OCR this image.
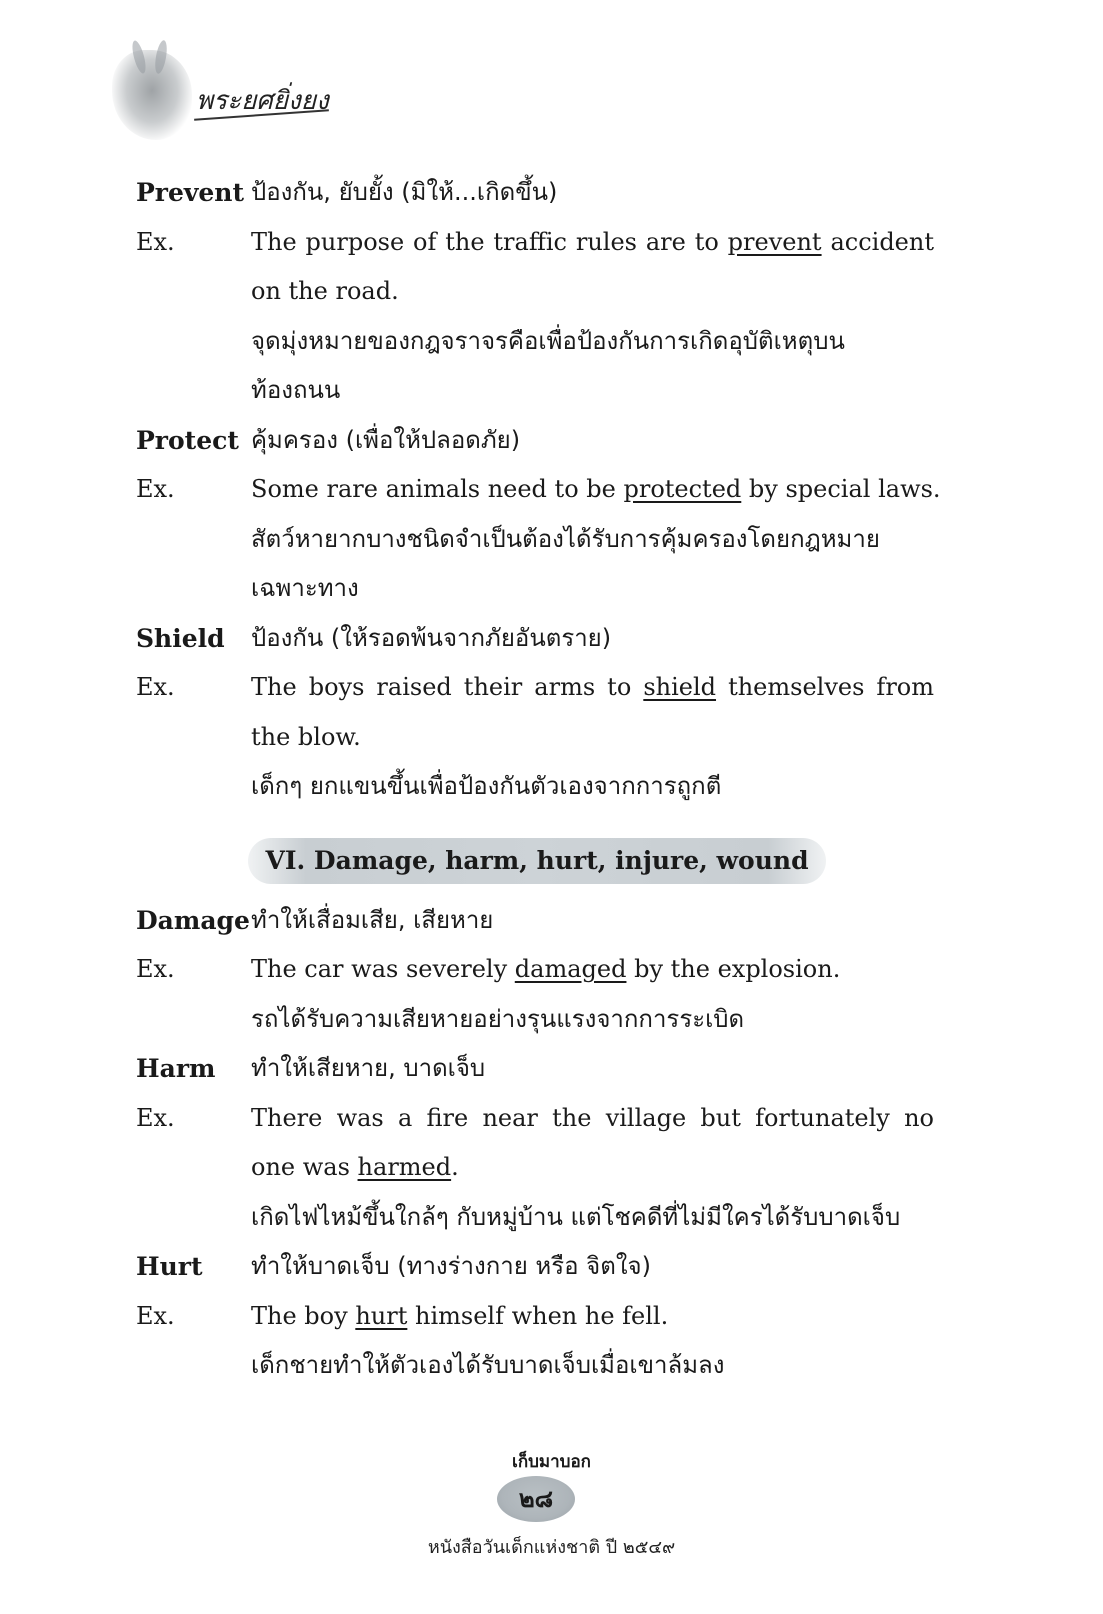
พระยศยิ่งยง
Prevent ป้องกัน, ยับยั้ง (มิให้...เกิดขึ้น)
Ex.	The purpose of the traffic rules are to prevent accident
on the road.
จุดมุ่งหมายของกฎจราจรคือเพื่อป้องกันการเกิดอุบัติเหตุบน
ท้องถนน
Protect คุ้มครอง (เพื่อให้ปลอดภัย)
Ex.	Some rare animals need to be protected by special laws.
สัตว์หายากบางชนิดจำเป็นต้องได้รับการคุ้มครองโดยกฎหมาย
เฉพาะทาง
Shield ป้องกัน (ให้รอดพ้นจากภัยอันตราย)
Ex.	The boys raised their arms to shield themselves from
the blow.
เด็กๆ ยกแขนขึ้นเพื่อป้องกันตัวเองจากการถูกตี
VI. Damage, harm, hurt, injure, wound
Damage ทำให้เสื่อมเสีย, เสียหาย
Ex.	The car was severely damaged by the explosion.
รถได้รับความเสียหายอย่างรุนแรงจากการระเบิด
Harm ทำให้เสียหาย, บาดเจ็บ
Ex.	There was a fire near the village but fortunately no
one was harmed.
เกิดไฟไหม้ขึ้นใกล้ๆ กับหมู่บ้าน แต่โชคดีที่ไม่มีใครได้รับบาดเจ็บ
Hurt ทำให้บาดเจ็บ (ทางร่างกาย หรือ จิตใจ)
Ex.	The boy hurt himself when he fell.
เด็กชายทำให้ตัวเองได้รับบาดเจ็บเมื่อเขาล้มลง
เก็บมาบอก
๒๘
หนังสือวันเด็กแห่งชาติ ปี ๒๕๔๙
